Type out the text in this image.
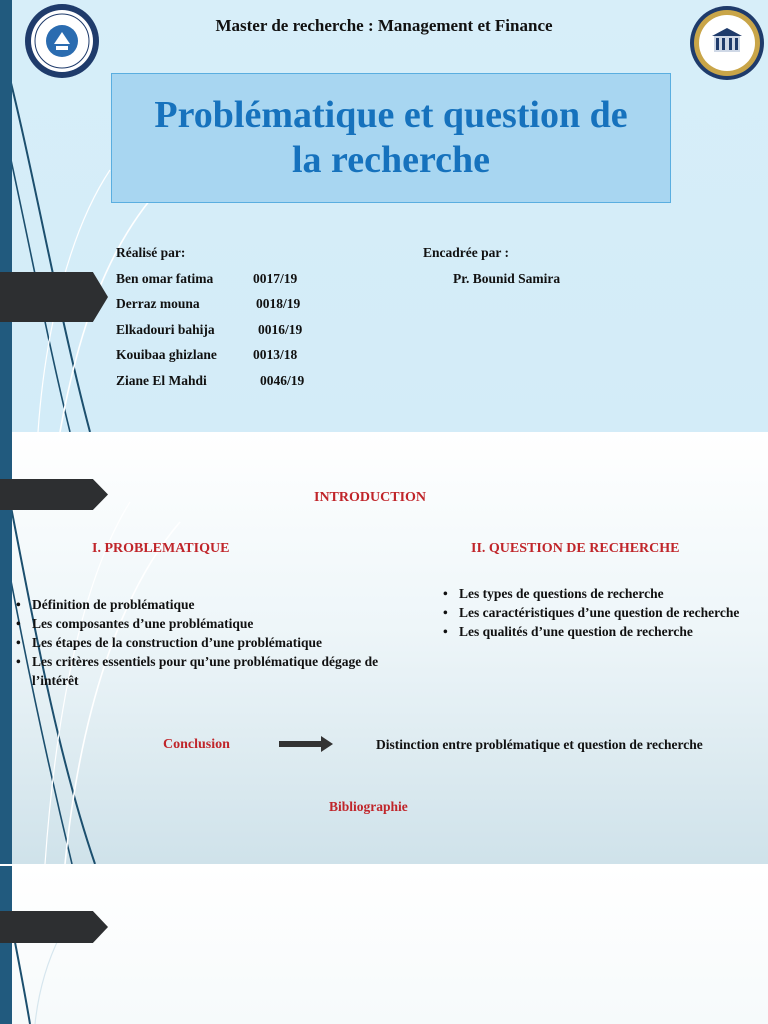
Master de recherche : Management et Finance
Problématique et question de
la recherche
Réalisé par:
Ben omar fatima	0017/19
Derraz mouna	0018/19
Elkadouri bahija	0016/19
Kouibaa ghizlane	0013/18
Ziane El Mahdi	0046/19
Encadrée par :
Pr. Bounid Samira
INTRODUCTION
I. PROBLEMATIQUE	II. QUESTION DE RECHERCHE
• Définition de problématique
• Les composantes d’une problématique
• Les étapes de la construction d’une problématique
• Les critères essentiels pour qu’une problématique dégage de l’intérêt
• Les types de questions de recherche
• Les caractéristiques d’une question de recherche
• Les qualités d’une question de recherche
Conclusion	Distinction entre problématique et question de recherche
Bibliographie
